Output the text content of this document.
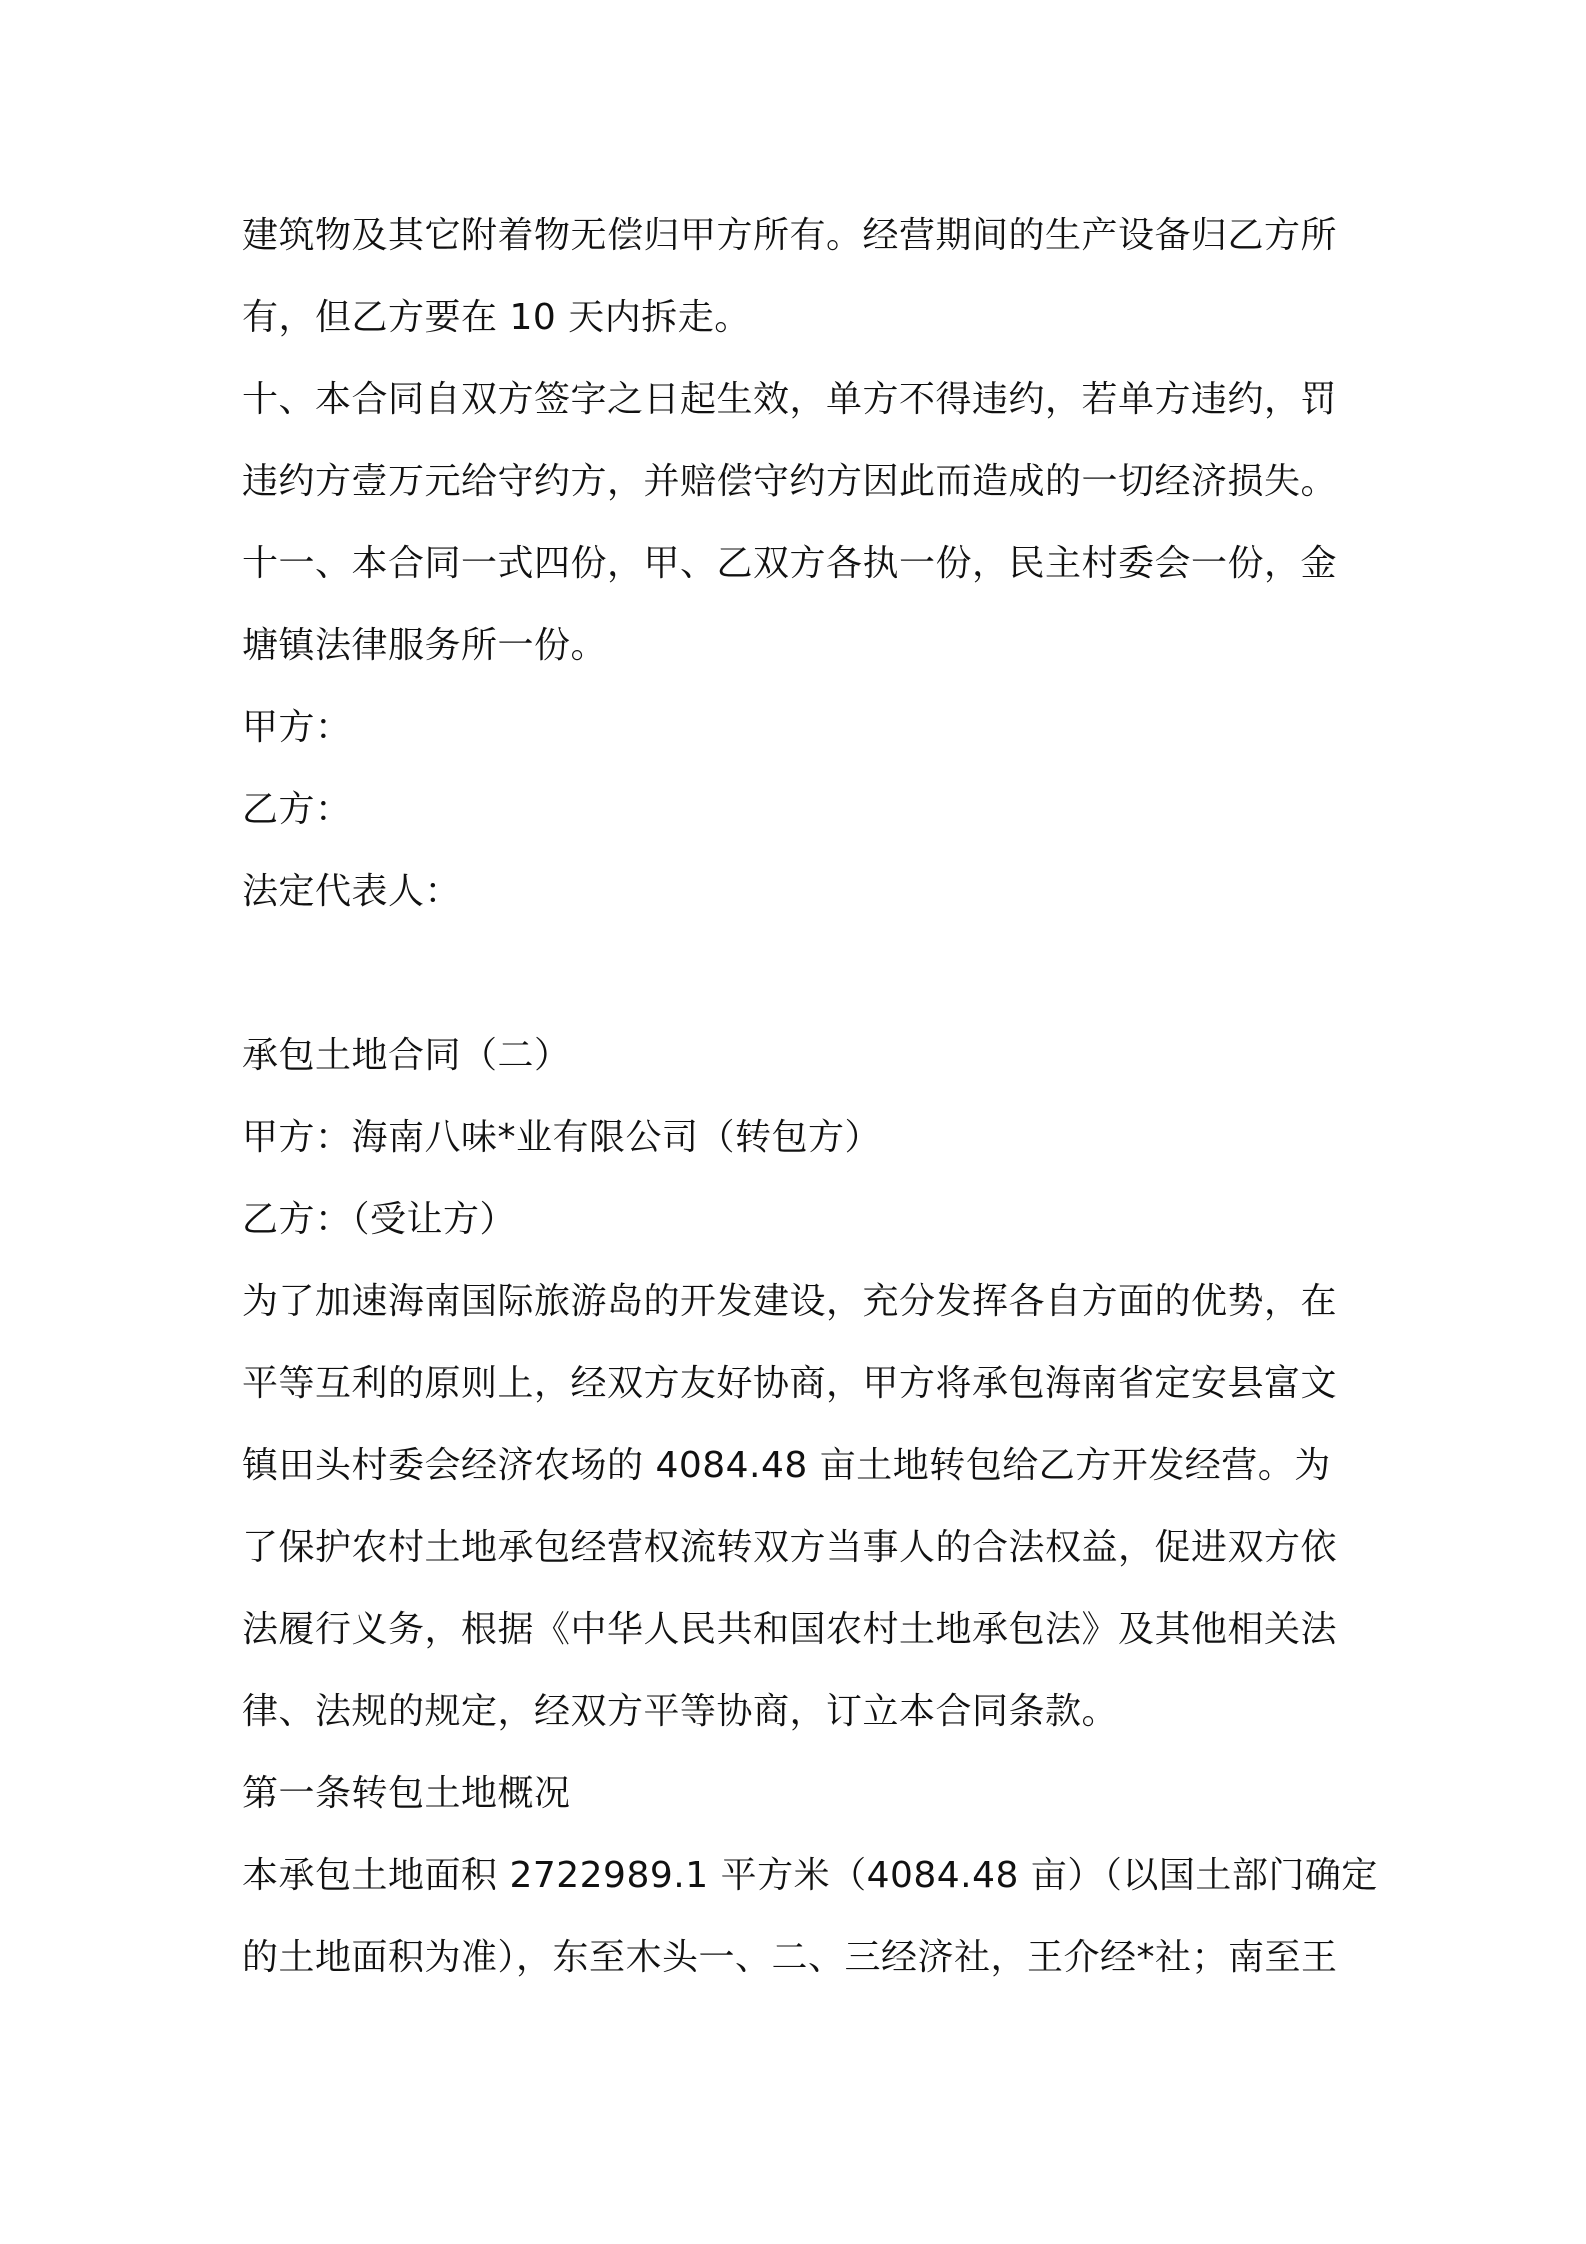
建筑物及其它附着物无偿归甲方所有。经营期间的生产设备归乙方所
有，但乙方要在 10 天内拆走。
十、本合同自双方签字之日起生效，单方不得违约，若单方违约，罚
违约方壹万元给守约方，并赔偿守约方因此而造成的一切经济损失。
十一、本合同一式四份，甲、乙双方各执一份，民主村委会一份，金
塘镇法律服务所一份。
甲方：
乙方：
法定代表人：
承包土地合同（二）
甲方：海南八味*业有限公司（转包方）
乙方：（受让方）
为了加速海南国际旅游岛的开发建设，充分发挥各自方面的优势，在
平等互利的原则上，经双方友好协商，甲方将承包海南省定安县富文
镇田头村委会经济农场的 4084.48 亩土地转包给乙方开发经营。为
了保护农村土地承包经营权流转双方当事人的合法权益，促进双方依
法履行义务，根据《中华人民共和国农村土地承包法》及其他相关法
律、法规的规定，经双方平等协商，订立本合同条款。
第一条转包土地概况
本承包土地面积 2722989.1 平方米（4084.48 亩）（以国土部门确定
的土地面积为准），东至木头一、二、三经济社，王介经*社；南至王
